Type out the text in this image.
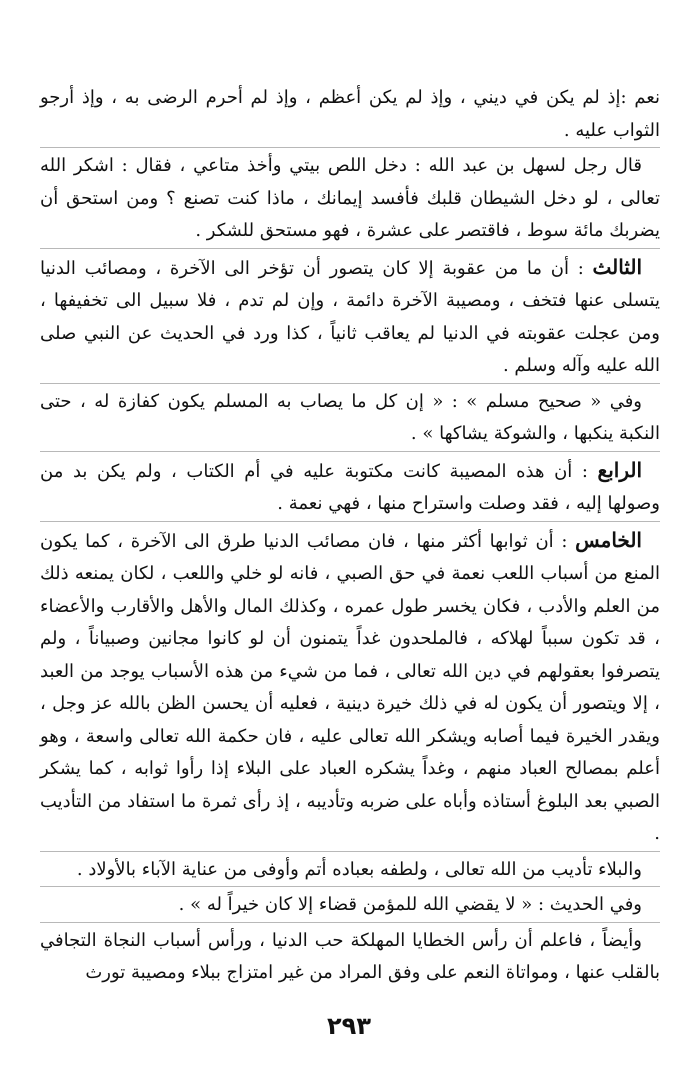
نعم :إذ لم يكن في ديني ، وإذ لم يكن أعظم ، وإذ لم أحرم الرضى به ، وإذ أرجو الثواب عليه .

قال رجل لسهل بن عبد الله : دخل اللص بيتي وأخذ متاعي ، فقال : اشكر الله تعالى ، لو دخل الشيطان قلبك فأفسد إيمانك ، ماذا كنت تصنع ؟ ومن استحق أن يضربك مائة سوط ، فاقتصر على عشرة ، فهو مستحق للشكر .

الثالث : أن ما من عقوبة إلا كان يتصور أن تؤخر الى الآخرة ، ومصائب الدنيا يتسلى عنها فتخف ، ومصيبة الآخرة دائمة ، وإن لم تدم ، فلا سبيل الى تخفيفها ، ومن عجلت عقوبته في الدنيا لم يعاقب ثانياً ، كذا ورد في الحديث عن النبي صلى الله عليه وآله وسلم .

وفي « صحيح مسلم » : « إن كل ما يصاب به المسلم يكون كفازة له ، حتى النكبة ينكبها ، والشوكة يشاكها » .

الرابع : أن هذه المصيبة كانت مكتوبة عليه في أم الكتاب ، ولم يكن بد من وصولها إليه ، فقد وصلت واستراح منها ، فهي نعمة .

الخامس : أن ثوابها أكثر منها ، فان مصائب الدنيا طرق الى الآخرة ، كما يكون المنع من أسباب اللعب نعمة في حق الصبي ، فانه لو خلي واللعب ، لكان يمنعه ذلك من العلم والأدب ، فكان يخسر طول عمره ، وكذلك المال والأهل والأقارب والأعضاء ، قد تكون سبباً لهلاكه ، فالملحدون غداً يتمنون أن لو كانوا مجانين وصبياناً ، ولم يتصرفوا بعقولهم في دين الله تعالى ، فما من شيء من هذه الأسباب يوجد من العبد ، إلا ويتصور أن يكون له في ذلك خيرة دينية ، فعليه أن يحسن الظن بالله عز وجل ، ويقدر الخيرة فيما أصابه ويشكر الله تعالى عليه ، فان حكمة الله تعالى واسعة ، وهو أعلم بمصالح العباد منهم ، وغداً يشكره العباد على البلاء إذا رأوا ثوابه ، كما يشكر الصبي بعد البلوغ أستاذه وأباه على ضربه وتأديبه ، إذ رأى ثمرة ما استفاد من التأديب .

والبلاء تأديب من الله تعالى ، ولطفه بعباده أتم وأوفى من عناية الآباء بالأولاد .

وفي الحديث : « لا يقضي الله للمؤمن قضاء إلا كان خيراً له » .

وأيضاً ، فاعلم أن رأس الخطايا المهلكة حب الدنيا ، ورأس أسباب النجاة التجافي بالقلب عنها ، ومواتاة النعم على وفق المراد من غير امتزاج ببلاء ومصيبة تورث

٢٩٣
